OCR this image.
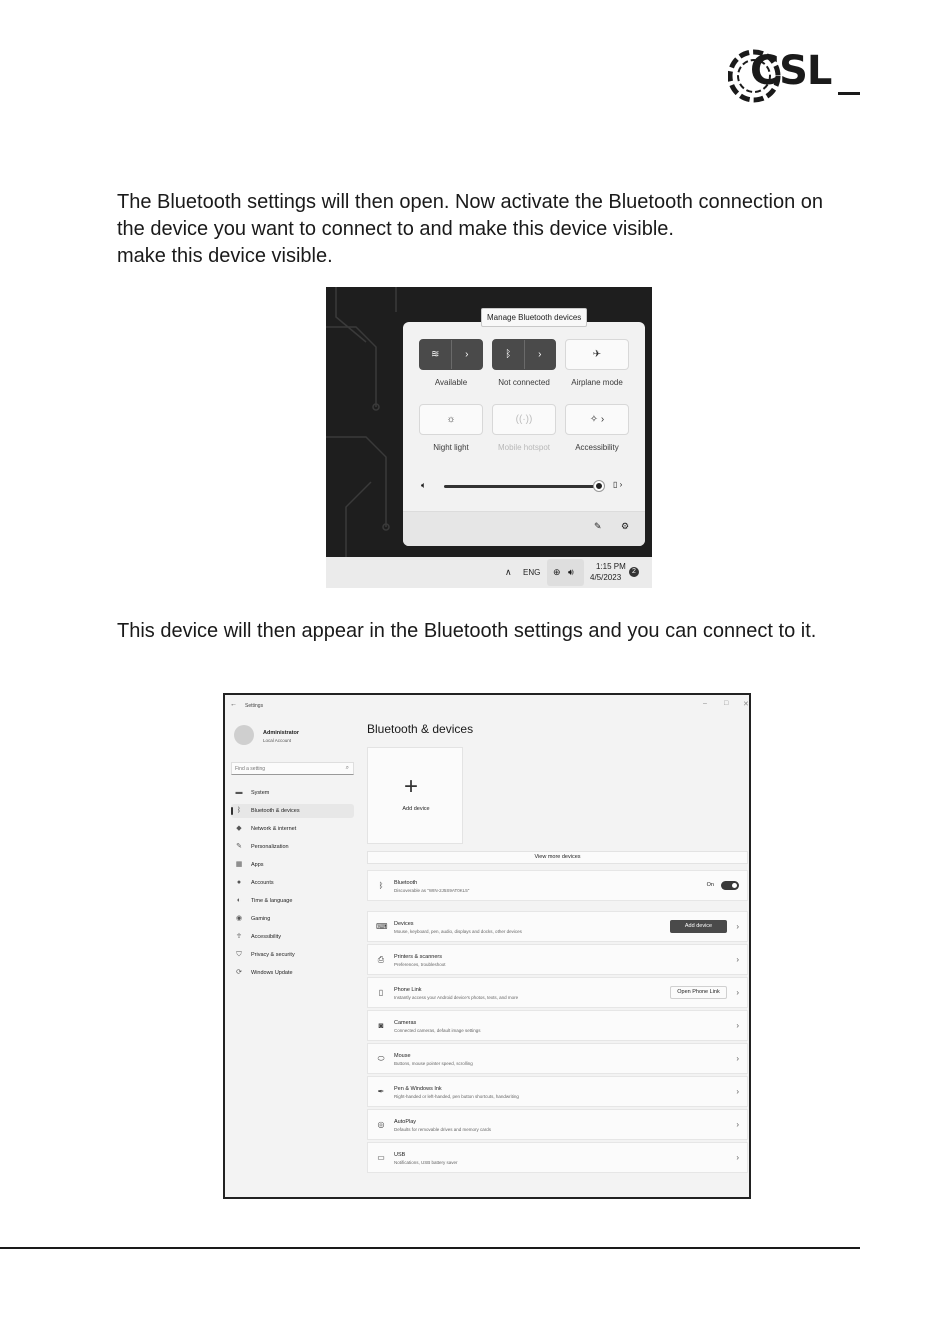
CSL
The Bluetooth settings will then open. Now activate the Bluetooth connection on
the device you want to connect to and make this device visible.
make this device visible.
≋	›
Available
ᛒ	›
Not connected
✈
Airplane mode
☼
Night light
((·))
Mobile hotspot
✧ ›
Accessibility
🔈︎	▯ ›
✎ ⚙
Manage Bluetooth devices
∧ ENG ⊕ 🔊︎
1:15 PM
4/5/2023
2
This device will then appear in the Bluetooth settings and you can connect to it.
← Settings	– □ ✕
Administrator
Local Account
Find a setting	⌕
▬ System
ᛒ	Bluetooth & devices
◆ Network & internet
✎ Personalization
▦ Apps
●	Accounts
◐	Time & language
◉ Gaming
☥ Accessibility
⛉ Privacy & security
⟳ Windows Update
Bluetooth & devices
+
Add device
View more devices
ᛒ	Bluetooth
Discoverable as "WIN-2J5S9AT0KL5"
On
⌨ Devices
Mouse, keyboard, pen, audio, displays and docks, other devices
Add device	›
⎙	Printers & scanners
Preferences, troubleshoot
›
▯	Phone Link
Instantly access your Android device's photos, texts, and more
Open Phone Link	›
◙	Cameras
Connected cameras, default image settings
›
⬭ Mouse
Buttons, mouse pointer speed, scrolling
›
✒	Pen & Windows Ink
Right-handed or left-handed, pen button shortcuts, handwriting
›
◎ AutoPlay
Defaults for removable drives and memory cards
›
▭ USB
Notifications, USB battery saver
›
